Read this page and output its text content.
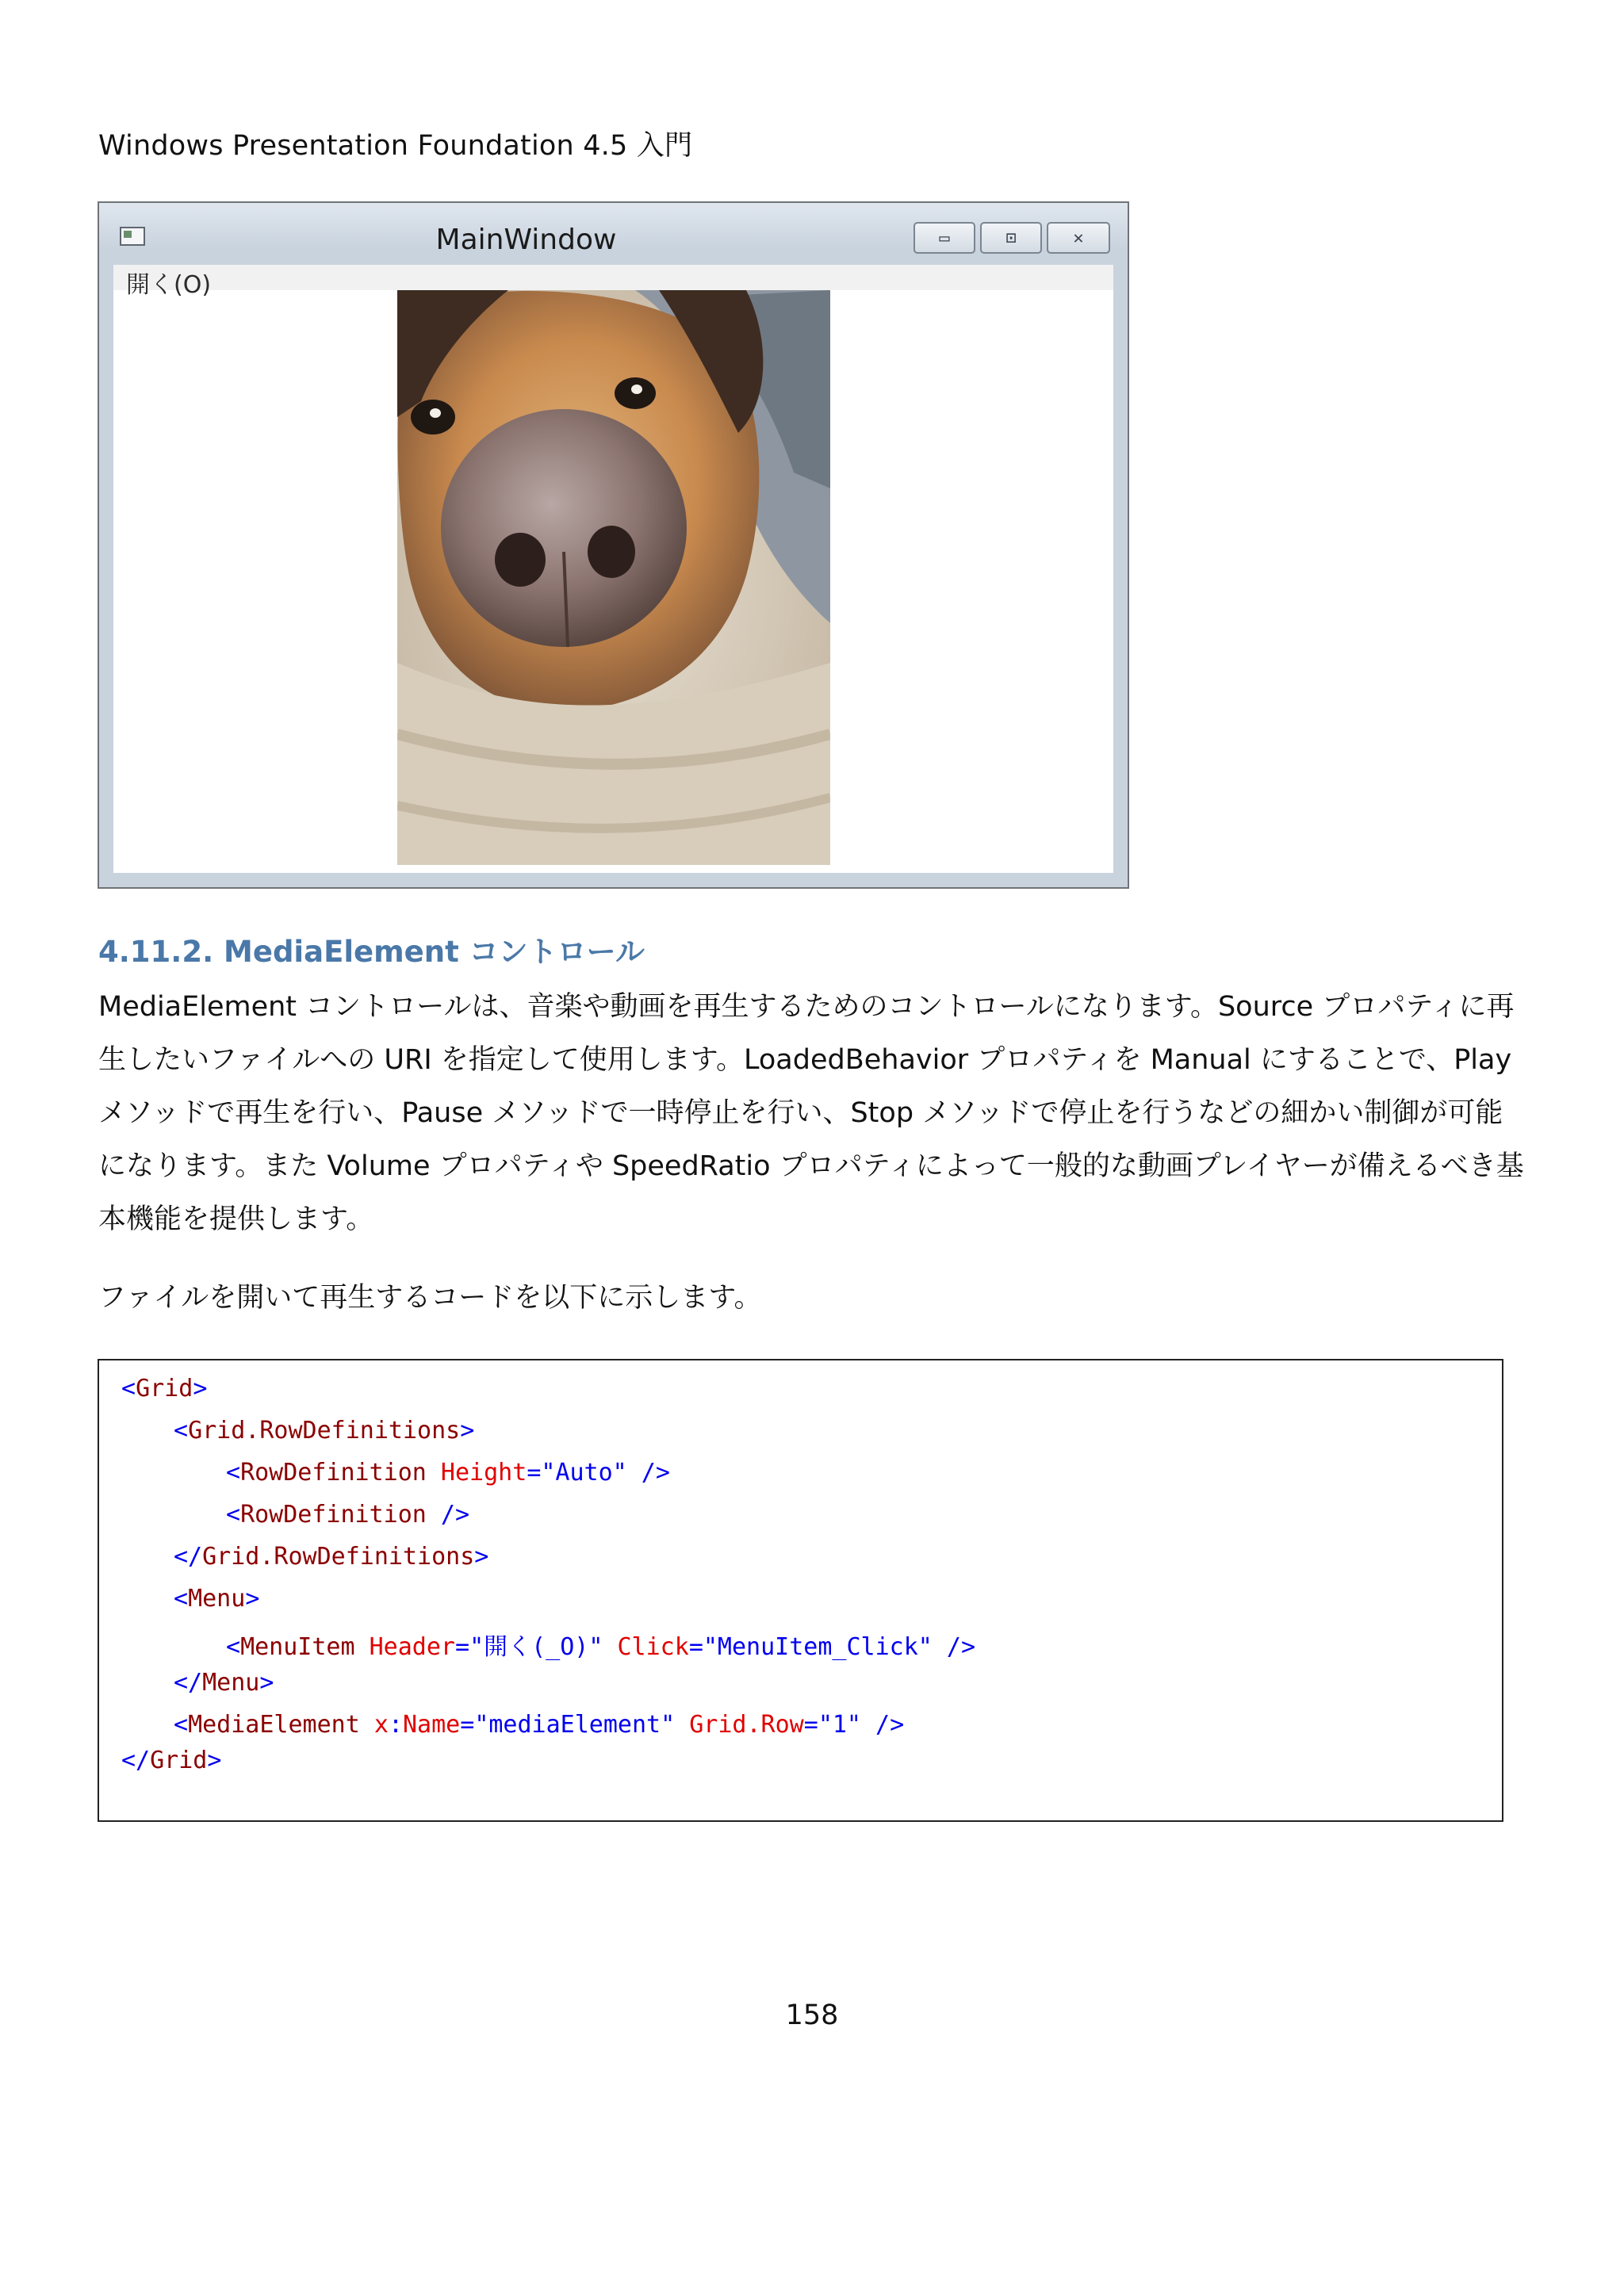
Windows Presentation Foundation 4.5 入門
MainWindow	▭	⊡	✕
開く(O)
4.11.2. MediaElement コントロール
MediaElement コントロールは、音楽や動画を再生するためのコントロールになります。Source プロパティに再生したいファイルへの URI を指定して使用します。LoadedBehavior プロパティを Manual にすることで、Play メソッドで再生を行い、Pause メソッドで一時停止を行い、Stop メソッドで停止を行うなどの細かい制御が可能になります。また Volume プロパティや SpeedRatio プロパティによって一般的な動画プレイヤーが備えるべき基本機能を提供します。
ファイルを開いて再生するコードを以下に示します。
<Grid>
<Grid.RowDefinitions>
<RowDefinition Height="Auto" />
<RowDefinition />
</Grid.RowDefinitions>
<Menu>
<MenuItem Header="開く(_O)" Click="MenuItem_Click" />
</Menu>
<MediaElement x:Name="mediaElement" Grid.Row="1" />
</Grid>
158
